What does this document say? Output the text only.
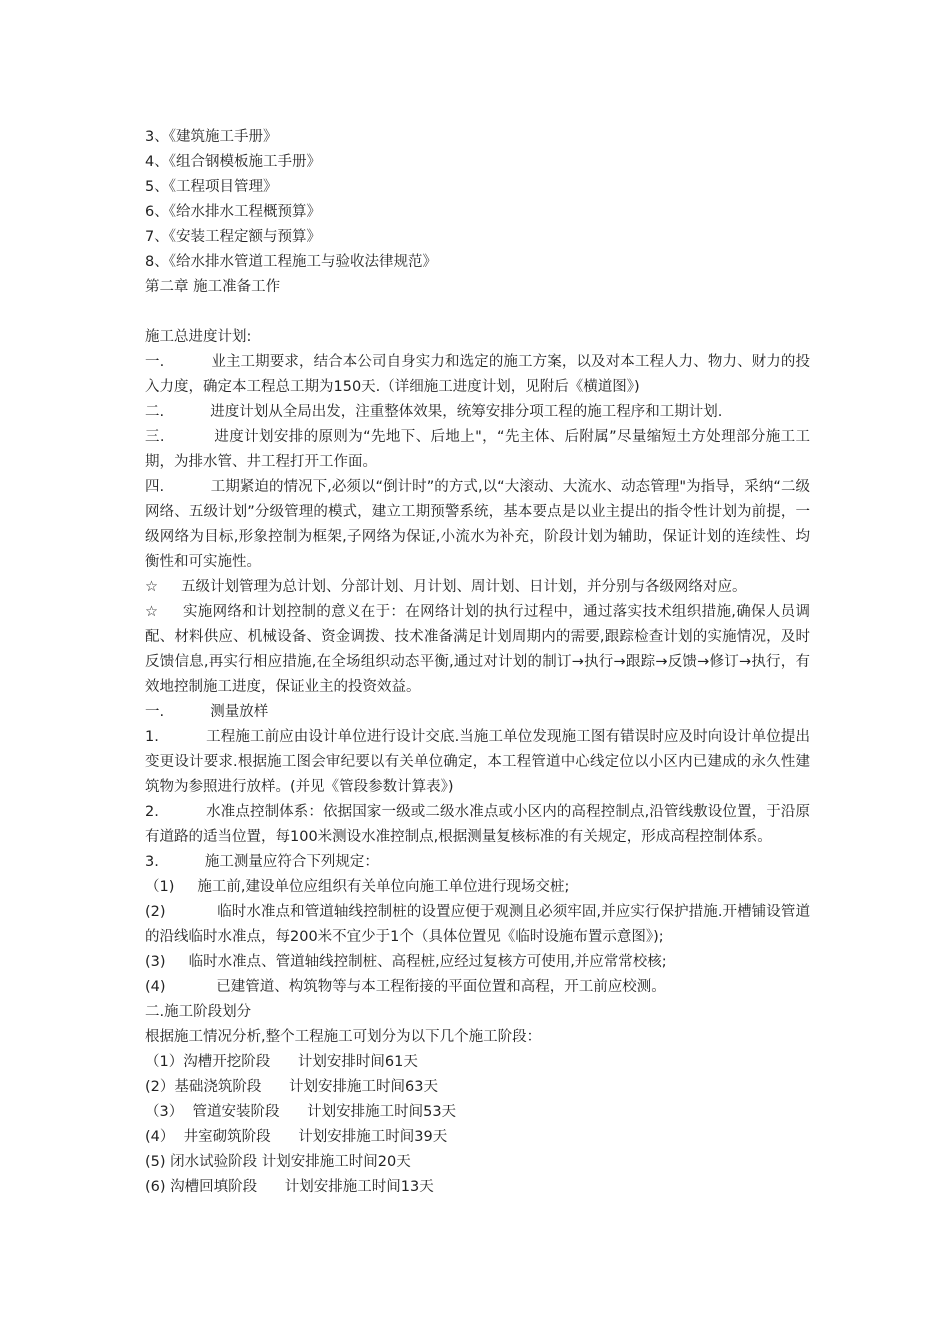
3、《建筑施工手册》
4、《组合钢模板施工手册》
5、《工程项目管理》
6、《给水排水工程概预算》
7、《安装工程定额与预算》
8、《给水排水管道工程施工与验收法律规范》
第二章 施工准备工作
施工总进度计划:

一.          业主工期要求，结合本公司自身实力和选定的施工方案，以及对本工程人力、物力、财力的投入力度，确定本工程总工期为150天.（详细施工进度计划，见附后《横道图》)

二.          进度计划从全局出发，注重整体效果，统筹安排分项工程的施工程序和工期计划.

三.          进度计划安排的原则为“先地下、后地上"，“先主体、后附属”尽量缩短土方处理部分施工工期，为排水管、井工程打开工作面。

四.          工期紧迫的情况下,必须以“倒计时”的方式,以“大滚动、大流水、动态管理"为指导，采纳“二级网络、五级计划”分级管理的模式，建立工期预警系统，基本要点是以业主提出的指令性计划为前提，一级网络为目标,形象控制为框架,子网络为保证,小流水为补充，阶段计划为辅助，保证计划的连续性、均衡性和可实施性。

☆     五级计划管理为总计划、分部计划、月计划、周计划、日计划，并分别与各级网络对应。

☆     实施网络和计划控制的意义在于：在网络计划的执行过程中，通过落实技术组织措施,确保人员调配、材料供应、机械设备、资金调拨、技术准备满足计划周期内的需要,跟踪检查计划的实施情况，及时反馈信息,再实行相应措施,在全场组织动态平衡,通过对计划的制订→执行→跟踪→反馈→修订→执行，有效地控制施工进度，保证业主的投资效益。

一.          测量放样

1.          工程施工前应由设计单位进行设计交底.当施工单位发现施工图有错误时应及时向设计单位提出变更设计要求.根据施工图会审纪要以有关单位确定，本工程管道中心线定位以小区内已建成的永久性建筑物为参照进行放样。(并见《管段参数计算表》)

2.          水准点控制体系：依据国家一级或二级水准点或小区内的高程控制点,沿管线敷设位置，于沿原有道路的适当位置，每100米测设水准控制点,根据测量复核标准的有关规定，形成高程控制体系。

3.          施工测量应符合下列规定：

（1)     施工前,建设单位应组织有关单位向施工单位进行现场交桩;

(2)           临时水准点和管道轴线控制桩的设置应便于观测且必须牢固,并应实行保护措施.开槽铺设管道的沿线临时水准点，每200米不宜少于1个（具体位置见《临时设施布置示意图》);

(3)     临时水准点、管道轴线控制桩、高程桩,应经过复核方可使用,并应常常校核;

(4)           已建管道、构筑物等与本工程衔接的平面位置和高程，开工前应校测。

二.施工阶段划分
根据施工情况分析,整个工程施工可划分为以下几个施工阶段：
（1）沟槽开挖阶段      计划安排时间61天
(2）基础浇筑阶段      计划安排施工时间63天
（3）  管道安装阶段      计划安排施工时间53天
(4）  井室砌筑阶段      计划安排施工时间39天
(5) 闭水试验阶段 计划安排施工时间20天
(6) 沟槽回填阶段      计划安排施工时间13天
